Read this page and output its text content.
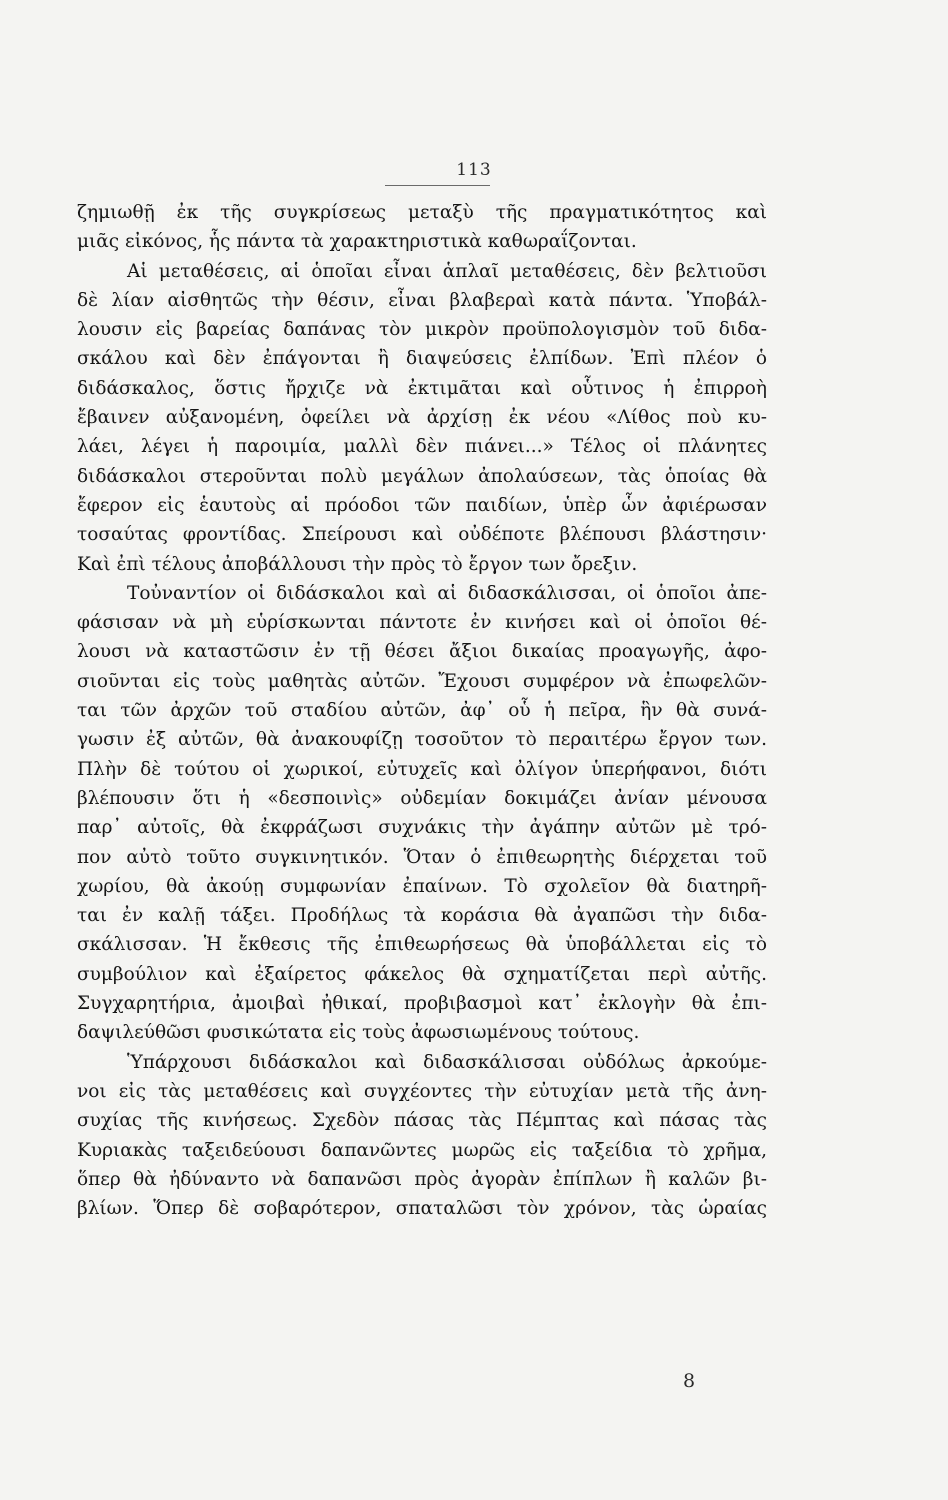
113
ζημιωθῇ ἐκ τῆς συγκρίσεως μεταξὺ τῆς πραγματικότητος καὶ
μιᾶς εἰκόνος, ἧς πάντα τὰ χαρακτηριστικὰ καθωραΐζονται.
Αἱ μεταθέσεις, αἱ ὁποῖαι εἶναι ἁπλαῖ μεταθέσεις, δὲν βελτιοῦσι
δὲ λίαν αἰσθητῶς τὴν θέσιν, εἶναι βλαβεραὶ κατὰ πάντα. Ὑποβάλ-
λουσιν εἰς βαρείας δαπάνας τὸν μικρὸν προϋπολογισμὸν τοῦ διδα-
σκάλου καὶ δὲν ἐπάγονται ἢ διαψεύσεις ἐλπίδων. Ἐπὶ πλέον ὁ
διδάσκαλος, ὅστις ἤρχιζε νὰ ἐκτιμᾶται καὶ οὗτινος ἡ ἐπιρροὴ
ἔβαινεν αὐξανομένη, ὀφείλει νὰ ἀρχίσῃ ἐκ νέου «Λίθος ποὺ κυ-
λάει, λέγει ἡ παροιμία, μαλλὶ δὲν πιάνει...» Τέλος οἱ πλάνητες
διδάσκαλοι στεροῦνται πολὺ μεγάλων ἀπολαύσεων, τὰς ὁποίας θὰ
ἔφερον εἰς ἑαυτοὺς αἱ πρόοδοι τῶν παιδίων, ὑπὲρ ὧν ἀφιέρωσαν
τοσαύτας φροντίδας. Σπείρουσι καὶ οὐδέποτε βλέπουσι βλάστησιν·
Καὶ ἐπὶ τέλους ἀποβάλλουσι τὴν πρὸς τὸ ἔργον των ὄρεξιν.
Τοὐναντίον οἱ διδάσκαλοι καὶ αἱ διδασκάλισσαι, οἱ ὁποῖοι ἀπε-
φάσισαν νὰ μὴ εὑρίσκωνται πάντοτε ἐν κινήσει καὶ οἱ ὁποῖοι θέ-
λουσι νὰ καταστῶσιν ἐν τῇ θέσει ἄξιοι δικαίας προαγωγῆς, ἀφο-
σιοῦνται εἰς τοὺς μαθητὰς αὐτῶν. Ἔχουσι συμφέρον νὰ ἐπωφελῶν-
ται τῶν ἀρχῶν τοῦ σταδίου αὐτῶν, ἀφ᾽ οὗ ἡ πεῖρα, ἣν θὰ συνά-
γωσιν ἐξ αὐτῶν, θὰ ἀνακουφίζῃ τοσοῦτον τὸ περαιτέρω ἔργον των.
Πλὴν δὲ τούτου οἱ χωρικοί, εὐτυχεῖς καὶ ὀλίγον ὑπερήφανοι, διότι
βλέπουσιν ὅτι ἡ «δεσποινὶς» οὐδεμίαν δοκιμάζει ἀνίαν μένουσα
παρ᾽ αὐτοῖς, θὰ ἐκφράζωσι συχνάκις τὴν ἀγάπην αὐτῶν μὲ τρό-
πον αὐτὸ τοῦτο συγκινητικόν. Ὅταν ὁ ἐπιθεωρητὴς διέρχεται τοῦ
χωρίου, θὰ ἀκούῃ συμφωνίαν ἐπαίνων. Τὸ σχολεῖον θὰ διατηρῆ-
ται ἐν καλῇ τάξει. Προδήλως τὰ κοράσια θὰ ἀγαπῶσι τὴν διδα-
σκάλισσαν. Ἡ ἔκθεσις τῆς ἐπιθεωρήσεως θὰ ὑποβάλλεται εἰς τὸ
συμβούλιον καὶ ἐξαίρετος φάκελος θὰ σχηματίζεται περὶ αὐτῆς.
Συγχαρητήρια, ἀμοιβαὶ ἠθικαί, προβιβασμοὶ κατ᾽ ἐκλογὴν θὰ ἐπι-
δαψιλεύθῶσι φυσικώτατα εἰς τοὺς ἀφωσιωμένους τούτους.
Ὑπάρχουσι διδάσκαλοι καὶ διδασκάλισσαι οὐδόλως ἀρκούμε-
νοι εἰς τὰς μεταθέσεις καὶ συγχέοντες τὴν εὐτυχίαν μετὰ τῆς ἀνη-
συχίας τῆς κινήσεως. Σχεδὸν πάσας τὰς Πέμπτας καὶ πάσας τὰς
Κυριακὰς ταξειδεύουσι δαπανῶντες μωρῶς εἰς ταξείδια τὸ χρῆμα,
ὅπερ θὰ ἠδύναντο νὰ δαπανῶσι πρὸς ἀγορὰν ἐπίπλων ἢ καλῶν βι-
βλίων. Ὅπερ δὲ σοβαρότερον, σπαταλῶσι τὸν χρόνον, τὰς ὡραίας
8
